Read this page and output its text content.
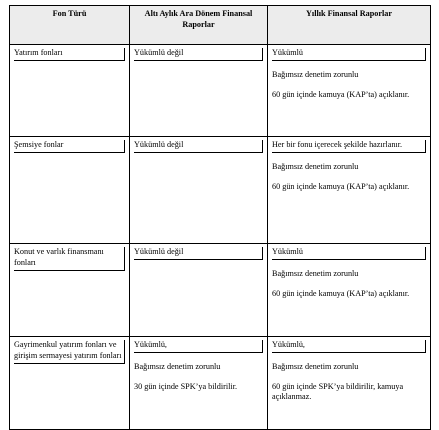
Fon Türü	Altı Aylık Ara Dönem Finansal Raporlar	Yıllık Finansal Raporlar

Yatırım fonları	Yükümlü değil	Yükümlü
Bağımsız denetim zorunlu
60 gün içinde kamuya (KAP’ta) açıklanır.

Şemsiye fonlar	Yükümlü değil	Her bir fonu içerecek şekilde hazırlanır.
Bağımsız denetim zorunlu
60 gün içinde kamuya (KAP’ta) açıklanır.

Konut ve varlık finansmanı fonları	Yükümlü değil	Yükümlü
Bağımsız denetim zorunlu
60 gün içinde kamuya (KAP’ta) açıklanır.

Gayrimenkul yatırım fonları ve girişim sermayesi yatırım fonları	Yükümlü,
Bağımsız denetim zorunlu
30 gün içinde SPK’ya bildirilir.	Yükümlü,
Bağımsız denetim zorunlu
60 gün içinde SPK’ya bildirilir, kamuya açıklanmaz.
